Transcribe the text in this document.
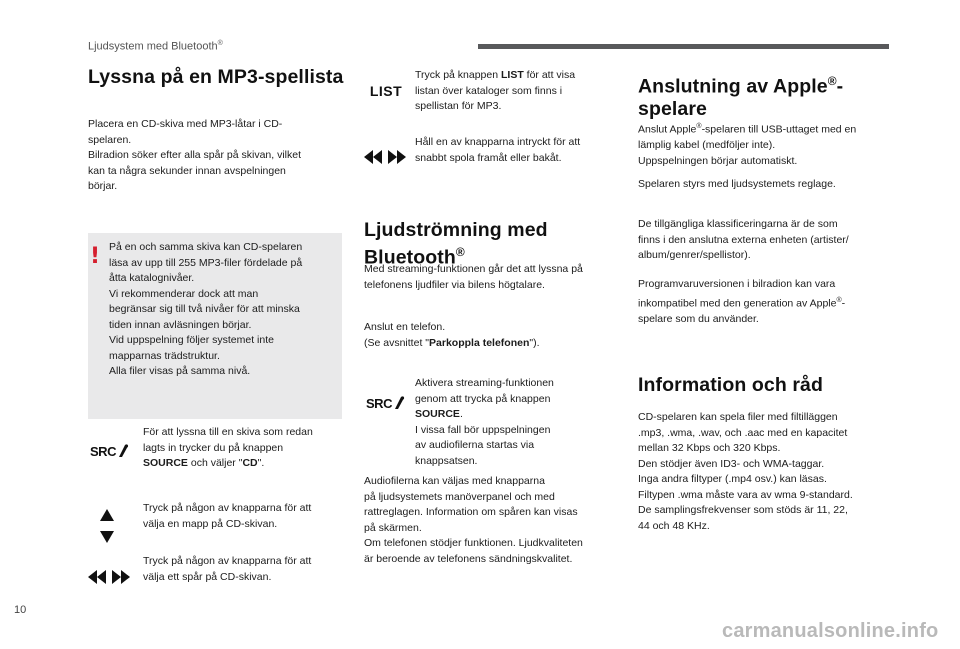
Ljudsystem med Bluetooth®
Lyssna på en MP3-spellista

Placera en CD-skiva med MP3-låtar i CD-
spelaren.
Bilradion söker efter alla spår på skivan, vilket
kan ta några sekunder innan avspelningen
börjar.

! På en och samma skiva kan CD-spelaren
läsa av upp till 255 MP3-filer fördelade på
åtta katalognivåer.
Vi rekommenderar dock att man
begränsar sig till två nivåer för att minska
tiden innan avläsningen börjar.
Vid uppspelning följer systemet inte
mapparnas trädstruktur.
Alla filer visas på samma nivå.

SRC

För att lyssna till en skiva som redan
lagts in trycker du på knappen
SOURCE och väljer "CD".

Tryck på någon av knapparna för att
välja en mapp på CD-skivan.

Tryck på någon av knapparna för att
välja ett spår på CD-skivan.

LIST

Tryck på knappen LIST för att visa
listan över kataloger som finns i
spellistan för MP3.

Håll en av knapparna intryckt för att
snabbt spola framåt eller bakåt.

Ljudströmning med Bluetooth®

Med streaming-funktionen går det att lyssna på
telefonens ljudfiler via bilens högtalare.

Anslut en telefon.
(Se avsnittet "Parkoppla telefonen").

SRC

Aktivera streaming-funktionen
genom att trycka på knappen
SOURCE.
I vissa fall bör uppspelningen
av audiofilerna startas via
knappsatsen.

Audiofilerna kan väljas med knapparna
på ljudsystemets manöverpanel och med
rattreglagen. Information om spåren kan visas
på skärmen.
Om telefonen stödjer funktionen. Ljudkvaliteten
är beroende av telefonens sändningskvalitet.

Anslutning av Apple®-
spelare

Anslut Apple®-spelaren till USB-uttaget med en
lämplig kabel (medföljer inte).
Uppspelningen börjar automatiskt.

Spelaren styrs med ljudsystemets reglage.

De tillgängliga klassificeringarna är de som
finns i den anslutna externa enheten (artister/
album/genrer/spellistor).

Programvaruversionen i bilradion kan vara
inkompatibel med den generation av Apple®-
spelare som du använder.

Information och råd

CD-spelaren kan spela filer med filtilläggen
.mp3, .wma, .wav, och .aac med en kapacitet
mellan 32 Kbps och 320 Kbps.
Den stödjer även ID3- och WMA-taggar.
Inga andra filtyper (.mp4 osv.) kan läsas.
Filtypen .wma måste vara av wma 9-standard.
De samplingsfrekvenser som stöds är 11, 22,
44 och 48 KHz.

10
carmanualsonline.info
